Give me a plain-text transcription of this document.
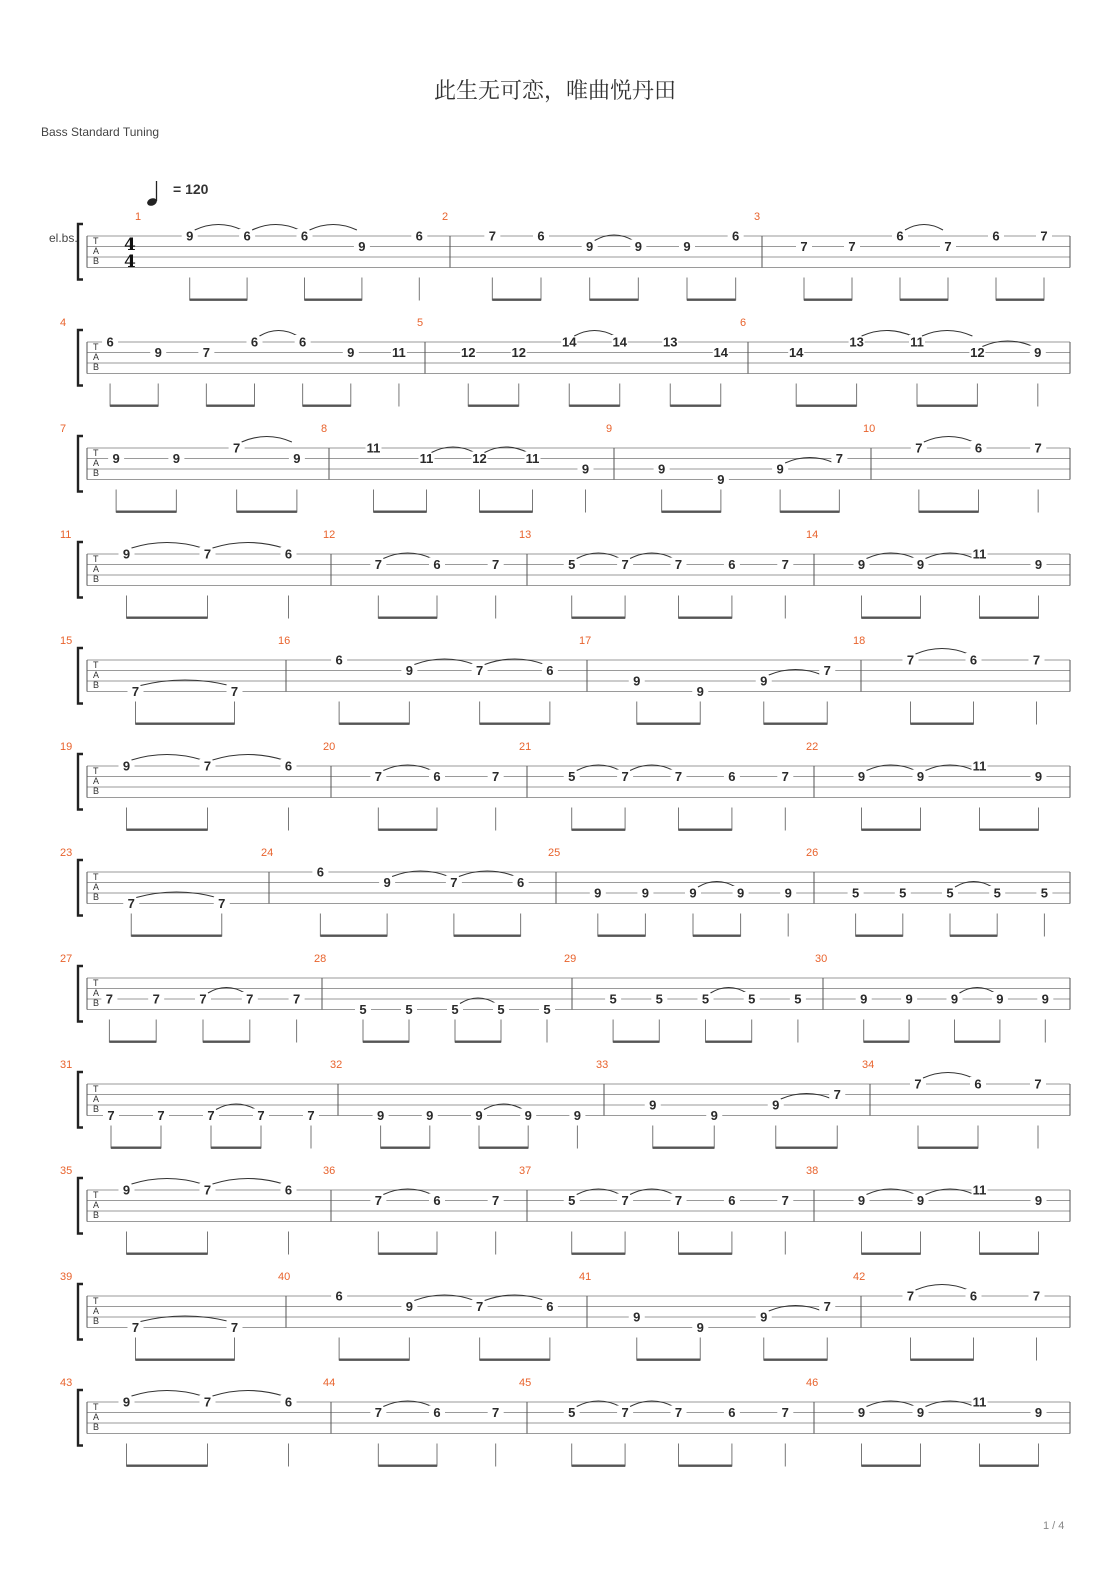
此生无可恋，唯曲悦丹田
Bass Standard Tuning
= 120
el.bs. T
A
B
4
4
1
9	6	6
9
6
2
7	6
9	9	9
6
3
7	7
6
7
6	7
T
A
B
4
6
9	7
6	6
9	11
5
12	12
14	14	13
14
6
14
13	11
12	9
T
A
B
7
9	9
7
9
8
11
11	12	11
9
9
9
9
9
7
10
7	6	7
T
A
B
11
9	7	6
12
7	6	7
13
5	7	7	6	7
14
9	9
11
9
T
A
B
15
7	7
16
6
9	7	6
17
9
9
9
7
18
7	6	7
T
A
B
19
9	7	6
20
7	6	7
21
5	7	7	6	7
22
9	9
11
9
T
A
B
23
7	7
24
6
9	7	6
25
9	9	9	9	9
26
5	5	5	5	5
T
A
B
27
7	7	7	7	7
28
5	5	5	5	5
29
5	5	5	5	5
30
9	9	9	9	9
T
A
B
31
7	7	7	7	7
32
9	9	9	9	9
33
9
9
9
7
34
7	6	7
T
A
B
35
9	7	6
36
7	6	7
37
5	7	7	6	7
38
9	9
11
9
T
A
B
39
7	7
40
6
9	7	6
41
9
9
9
7
42
7	6	7
T
A
B
43
9	7	6
44
7	6	7
45
5	7	7	6	7
46
9	9
11
9
1 / 4
